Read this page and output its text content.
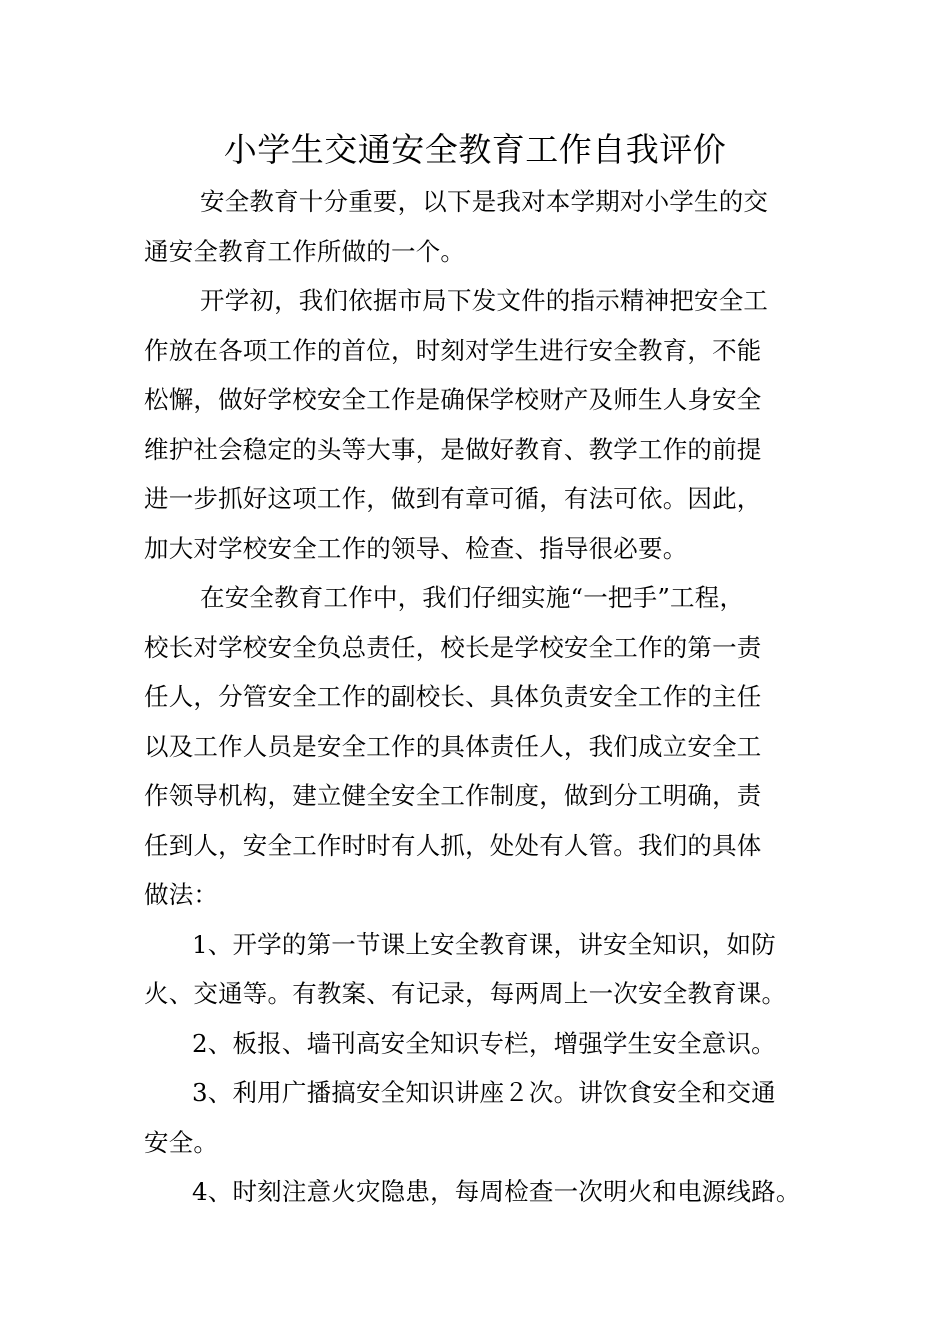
小学生交通安全教育工作自我评价
安全教育十分重要，以下是我对本学期对小学生的交
通安全教育工作所做的一个。
开学初，我们依据市局下发文件的指示精神把安全工
作放在各项工作的首位，时刻对学生进行安全教育，不能
松懈，做好学校安全工作是确保学校财产及师生人身安全
维护社会稳定的头等大事，是做好教育、教学工作的前提
进一步抓好这项工作，做到有章可循，有法可依。因此，
加大对学校安全工作的领导、检查、指导很必要。
在安全教育工作中，我们仔细实施“一把手”工程，
校长对学校安全负总责任，校长是学校安全工作的第一责
任人，分管安全工作的副校长、具体负责安全工作的主任
以及工作人员是安全工作的具体责任人，我们成立安全工
作领导机构，建立健全安全工作制度，做到分工明确，责
任到人，安全工作时时有人抓，处处有人管。我们的具体
做法：
1、开学的第一节课上安全教育课，讲安全知识，如防
火、交通等。有教案、有记录，每两周上一次安全教育课。
2、板报、墙刊高安全知识专栏，增强学生安全意识。
3、利用广播搞安全知识讲座２次。讲饮食安全和交通
安全。
4、时刻注意火灾隐患，每周检查一次明火和电源线路。
